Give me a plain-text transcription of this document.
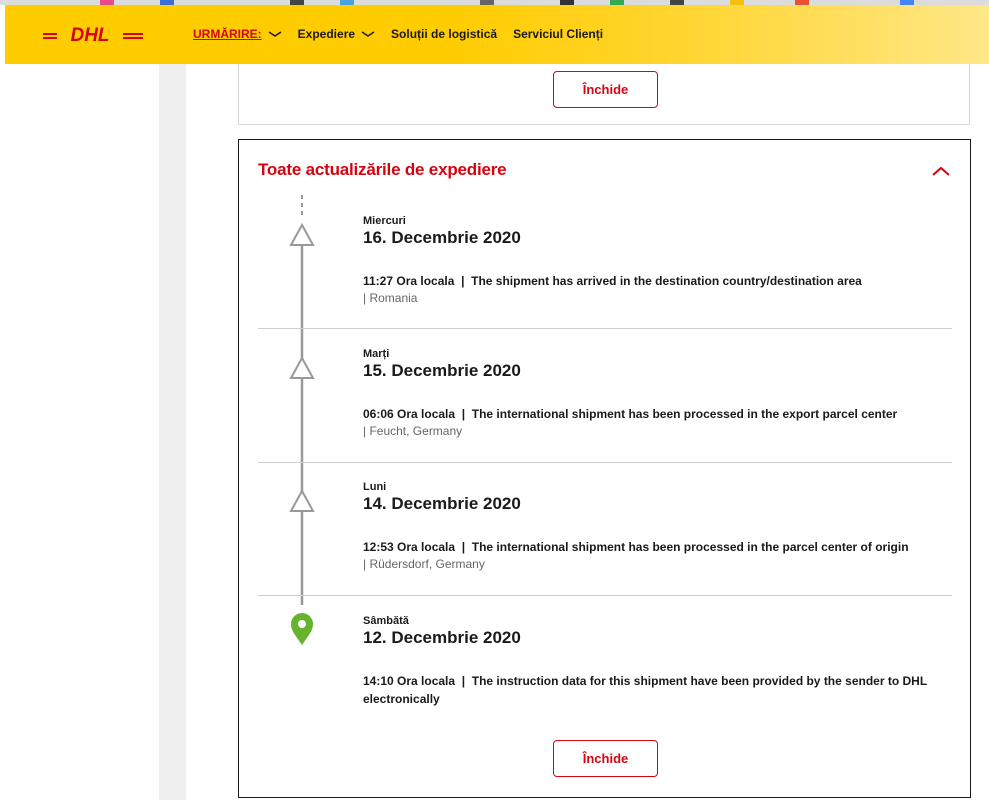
DHL	URMĂRIRE:	Expediere	Soluții de logistică Serviciul Clienți
Închide
Toate actualizările de expediere
Miercuri
16. Decembrie 2020
11:27 Ora locala  |  The shipment has arrived in the destination country/destination area
| Romania
Marți
15. Decembrie 2020
06:06 Ora locala  |  The international shipment has been processed in the export parcel center
| Feucht, Germany
Luni
14. Decembrie 2020
12:53 Ora locala  |  The international shipment has been processed in the parcel center of origin
| Rüdersdorf, Germany
Sâmbătă
12. Decembrie 2020
14:10 Ora locala  |  The instruction data for this shipment have been provided by the sender to DHL electronically
Închide
